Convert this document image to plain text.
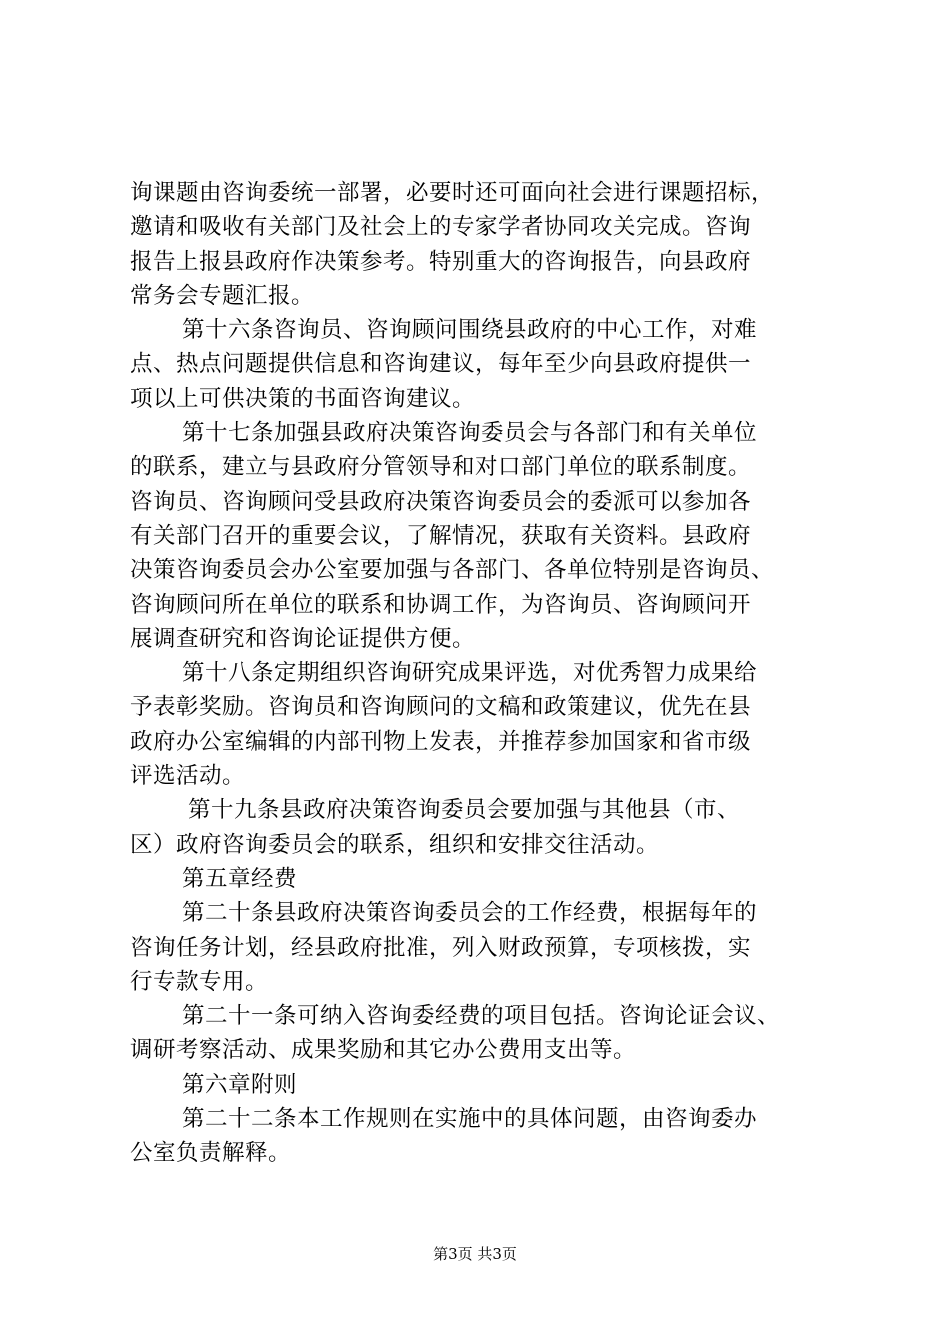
询课题由咨询委统一部署，必要时还可面向社会进行课题招标，
邀请和吸收有关部门及社会上的专家学者协同攻关完成。咨询
报告上报县政府作决策参考。特别重大的咨询报告，向县政府
常务会专题汇报。
第十六条咨询员、咨询顾问围绕县政府的中心工作，对难
点、热点问题提供信息和咨询建议，每年至少向县政府提供一
项以上可供决策的书面咨询建议。
第十七条加强县政府决策咨询委员会与各部门和有关单位
的联系，建立与县政府分管领导和对口部门单位的联系制度。
咨询员、咨询顾问受县政府决策咨询委员会的委派可以参加各
有关部门召开的重要会议，了解情况，获取有关资料。县政府
决策咨询委员会办公室要加强与各部门、各单位特别是咨询员、
咨询顾问所在单位的联系和协调工作，为咨询员、咨询顾问开
展调查研究和咨询论证提供方便。
第十八条定期组织咨询研究成果评选，对优秀智力成果给
予表彰奖励。咨询员和咨询顾问的文稿和政策建议，优先在县
政府办公室编辑的内部刊物上发表，并推荐参加国家和省市级
评选活动。
第十九条县政府决策咨询委员会要加强与其他县（市、
区）政府咨询委员会的联系，组织和安排交往活动。
第五章经费
第二十条县政府决策咨询委员会的工作经费，根据每年的
咨询任务计划，经县政府批准，列入财政预算，专项核拨，实
行专款专用。
第二十一条可纳入咨询委经费的项目包括。咨询论证会议、
调研考察活动、成果奖励和其它办公费用支出等。
第六章附则
第二十二条本工作规则在实施中的具体问题，由咨询委办
公室负责解释。
第3页 共3页
